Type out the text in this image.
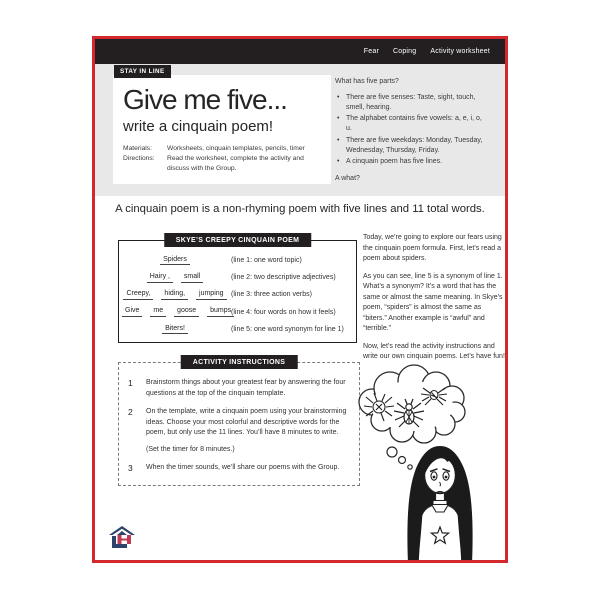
Fear Coping Activity worksheet
STAY IN LINE
Give me five...
write a cinquain poem!
Materials:	Worksheets, cinquain templates, pencils, timer
Directions:	Read the worksheet, complete the activity and discuss with the Group.

What has five parts?

• There are five senses: Taste, sight, touch, smell, hearing.
• The alphabet contains five vowels: a, e, i, o, u.
• There are five weekdays: Monday, Tuesday, Wednesday, Thursday, Friday.
• A cinquain poem has five lines.

A what?

A cinquain poem is a non-rhyming poem with five lines and 11 total words.

SKYE’S CREEPY CINQUAIN POEM
Spiders	(line 1: one word topic)
Hairy , small	(line 2: two descriptive adjectives)
Creepy, hiding, jumping	(line 3: three action verbs)
Give me goose bumps (line 4: four words on how it feels)
Biters!	(line 5: one word synonym for line 1)

Today, we’re going to explore our fears using the cinquain poem formula. First, let’s read a poem about spiders.

As you can see, line 5 is a synonym of line 1. What’s a synonym? It’s a word that has the same or almost the same meaning. In Skye’s poem, “spiders” is almost the same as “biters.” Another example is “awful” and “terrible.”

Now, let’s read the activity instructions and write our own cinquain poems. Let’s have fun!

ACTIVITY INSTRUCTIONS
1	Brainstorm things about your greatest fear by answering the four questions at the top of the cinquain template.
2	On the template, write a cinquain poem using your brainstorming ideas. Choose your most colorful and descriptive words for the poem, but only use the 11 lines. You’ll have 8 minutes to write.
(Set the timer for 8 minutes.)
3	When the timer sounds, we’ll share our poems with the Group.
